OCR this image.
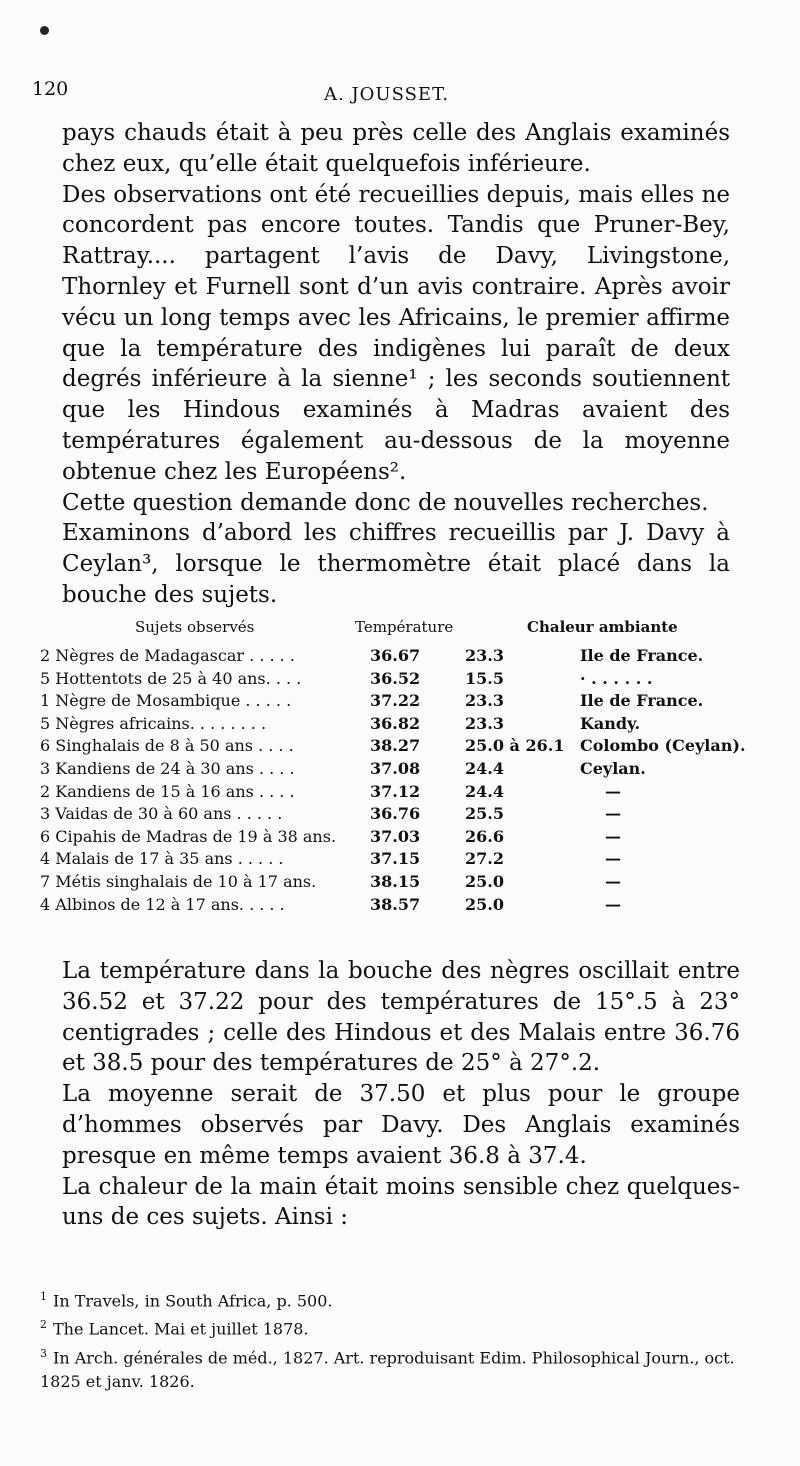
120	A. JOUSSET.

pays chauds était à peu près celle des Anglais examinés chez eux, qu’elle était quelquefois inférieure.

Des observations ont été recueillies depuis, mais elles ne concordent pas encore toutes. Tandis que Pruner-Bey, Rattray.... partagent l’avis de Davy, Livingstone, Thornley et Furnell sont d’un avis contraire. Après avoir vécu un long temps avec les Africains, le premier affirme que la température des indigènes lui paraît de deux degrés inférieure à la sienne¹ ; les seconds soutiennent que les Hindous examinés à Madras avaient des températures également au-dessous de la moyenne obtenue chez les Européens².

Cette question demande donc de nouvelles recherches.

Examinons d’abord les chiffres recueillis par J. Davy à Ceylan³, lorsque le thermomètre était placé dans la bouche des sujets.

Sujets observés	Température	Chaleur ambiante
2 Nègres de Madagascar . . . . .	36.67	23.3	Ile de France.
5 Hottentots de 25 à 40 ans. . . .	36.52	15.5	· . . . . . .
1 Nègre de Mosambique . . . . .	37.22	23.3	Ile de France.
5 Nègres africains. . . . . . . .	36.82	23.3	Kandy.
6 Singhalais de 8 à 50 ans . . . .	38.27	25.0 à 26.1 Colombo (Ceylan).
3 Kandiens de 24 à 30 ans . . . .	37.08	24.4	Ceylan.
2 Kandiens de 15 à 16 ans . . . .	37.12	24.4	—
3 Vaidas de 30 à 60 ans . . . . .	36.76	25.5	—
6 Cipahis de Madras de 19 à 38 ans. 37.03	26.6	—
4 Malais de 17 à 35 ans . . . . .	37.15	27.2	—
7 Métis singhalais de 10 à 17 ans.	38.15	25.0	—
4 Albinos de 12 à 17 ans. . . . .	38.57	25.0	—

La température dans la bouche des nègres oscillait entre 36.52 et 37.22 pour des températures de 15°.5 à 23° centigrades ; celle des Hindous et des Malais entre 36.76 et 38.5 pour des températures de 25° à 27°.2.

La moyenne serait de 37.50 et plus pour le groupe d’hommes observés par Davy. Des Anglais examinés presque en même temps avaient 36.8 à 37.4.

La chaleur de la main était moins sensible chez quelques-uns de ces sujets. Ainsi :

$^1$ In Travels, in South Africa, p. 500.

$^2$ The Lancet. Mai et juillet 1878.

$^3$ In Arch. générales de méd., 1827. Art. reproduisant Edim. Philosophical Journ., oct. 1825 et janv. 1826.
